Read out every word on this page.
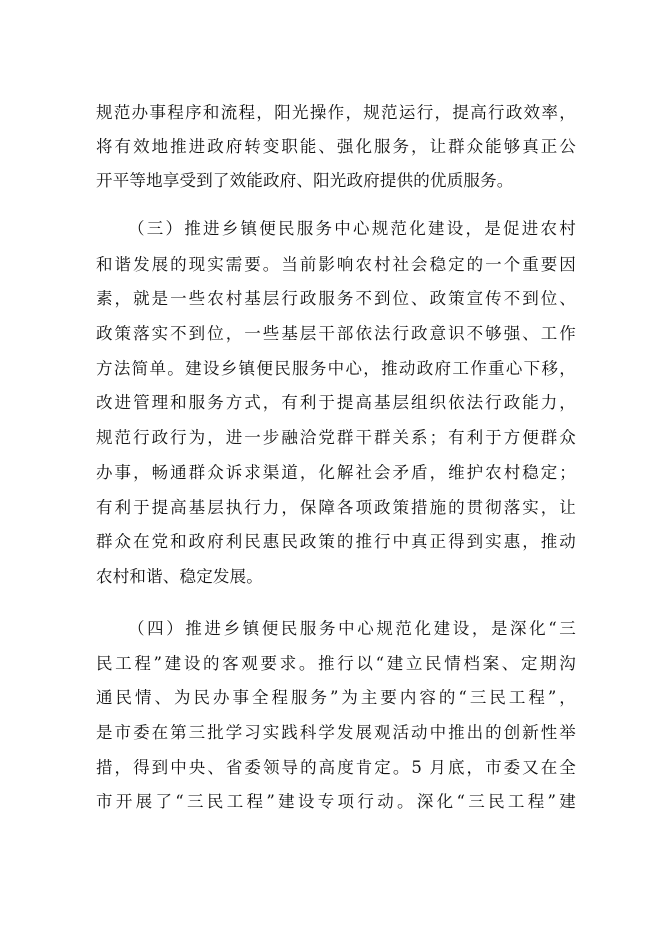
规范办事程序和流程，阳光操作，规范运行，提高行政效率，
将有效地推进政府转变职能、强化服务，让群众能够真正公
开平等地享受到了效能政府、阳光政府提供的优质服务。
（三）推进乡镇便民服务中心规范化建设，是促进农村
和谐发展的现实需要。当前影响农村社会稳定的一个重要因
素，就是一些农村基层行政服务不到位、政策宣传不到位、
政策落实不到位，一些基层干部依法行政意识不够强、工作
方法简单。建设乡镇便民服务中心，推动政府工作重心下移，
改进管理和服务方式，有利于提高基层组织依法行政能力，
规范行政行为，进一步融洽党群干群关系；有利于方便群众
办事，畅通群众诉求渠道，化解社会矛盾，维护农村稳定；
有利于提高基层执行力，保障各项政策措施的贯彻落实，让
群众在党和政府利民惠民政策的推行中真正得到实惠，推动
农村和谐、稳定发展。
（四）推进乡镇便民服务中心规范化建设，是深化“三
民工程”建设的客观要求。推行以“建立民情档案、定期沟
通民情、为民办事全程服务”为主要内容的“三民工程”，
是市委在第三批学习实践科学发展观活动中推出的创新性举
措，得到中央、省委领导的高度肯定。5 月底，市委又在全
市开展了“三民工程”建设专项行动。深化“三民工程”建
